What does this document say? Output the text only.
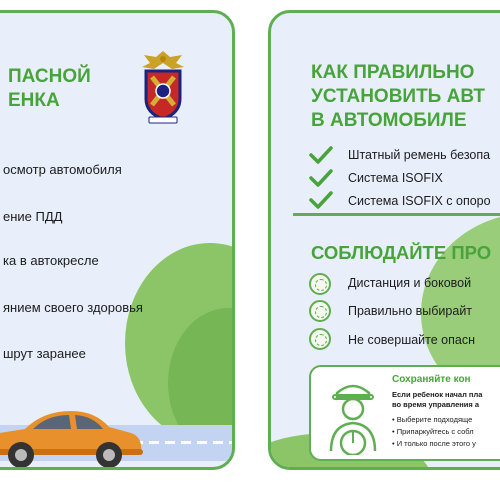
ПАСНОЙ
ЕНКА
осмотр автомобиля
ение ПДД
ка в автокресле
янием своего здоровья
шрут заранее
КАК ПРАВИЛЬНО
УСТАНОВИТЬ АВТ
В АВТОМОБИЛЕ
Штатный ремень безопа
Система ISOFIX
Система ISOFIX с опоро
СОБЛЮДАЙТЕ ПРО
Дистанция и боковой
Правильно выбирайт
Не совершайте опасн
Сохраняйте кон
Если ребенок начал пла
во время управления а
• Выберите подходяще
• Припаркуйтесь с собл
• И только после этого у
